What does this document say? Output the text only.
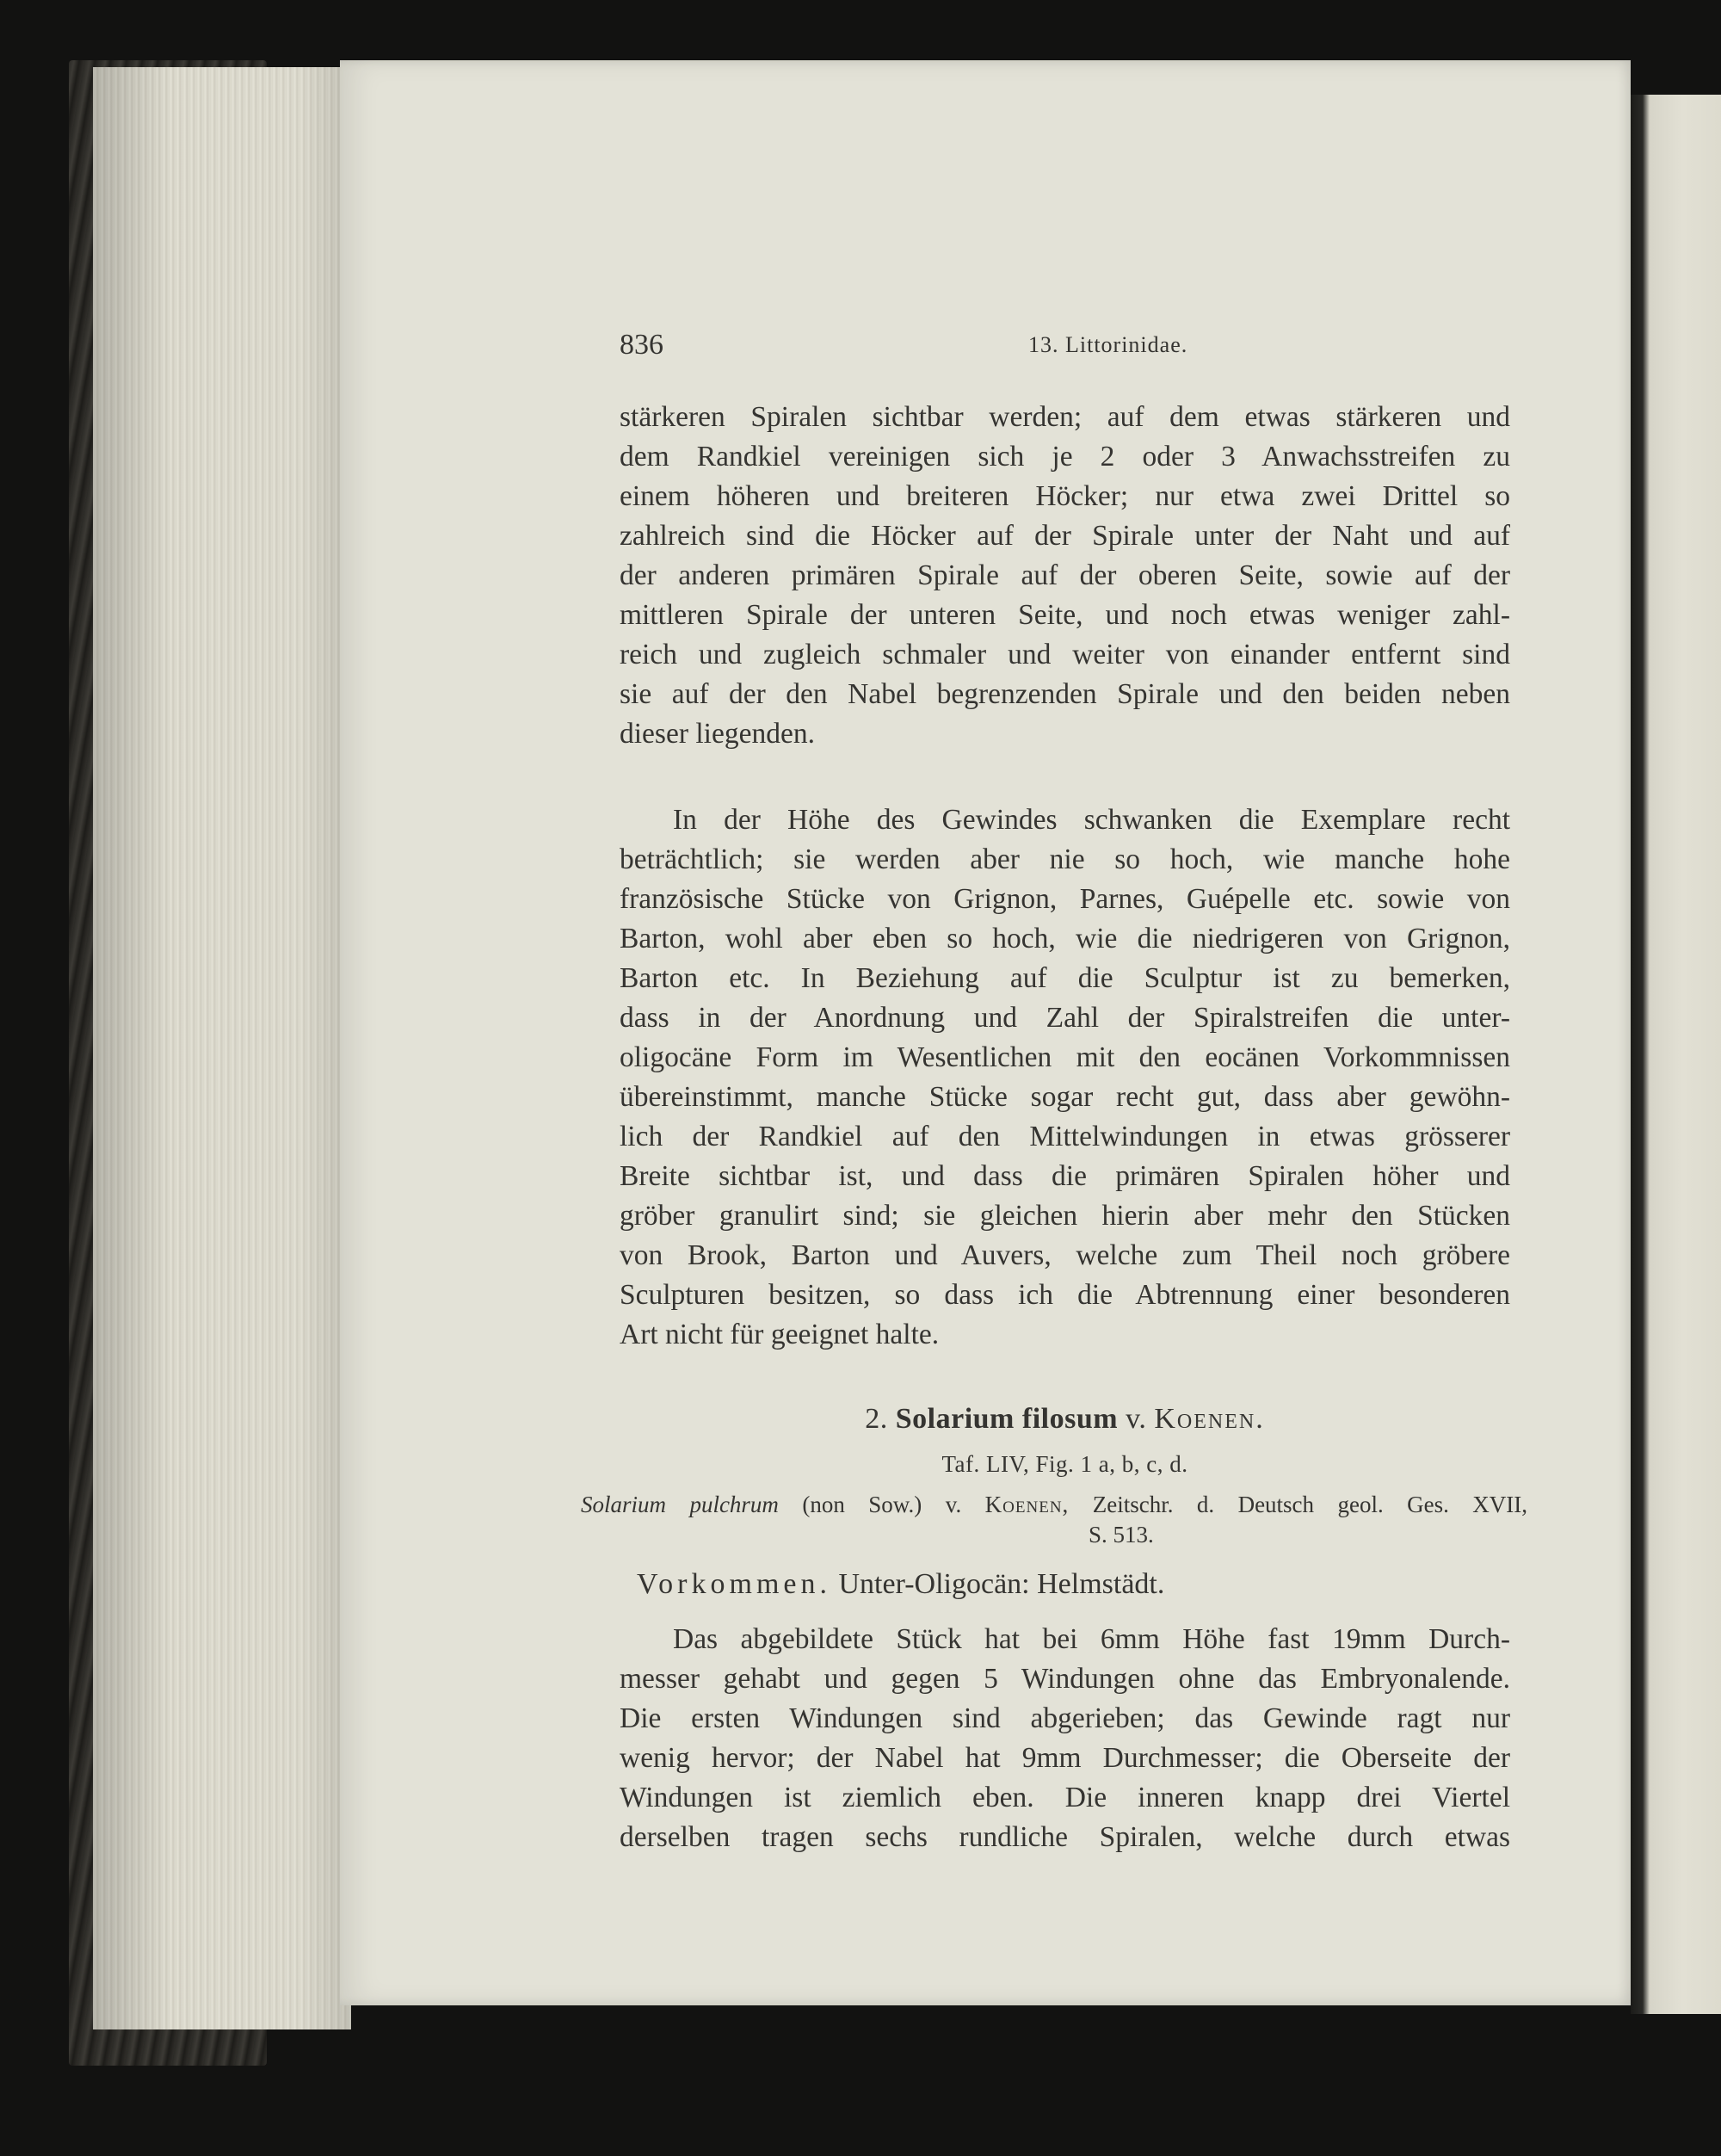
836	13. Littorinidae.
stärkeren Spiralen sichtbar werden; auf dem etwas stärkeren und
dem Randkiel vereinigen sich je 2 oder 3 Anwachsstreifen zu
einem höheren und breiteren Höcker; nur etwa zwei Drittel so
zahlreich sind die Höcker auf der Spirale unter der Naht und auf
der anderen primären Spirale auf der oberen Seite, sowie auf der
mittleren Spirale der unteren Seite, und noch etwas weniger zahl-
reich und zugleich schmaler und weiter von einander entfernt sind
sie auf der den Nabel begrenzenden Spirale und den beiden neben
dieser liegenden.
In der Höhe des Gewindes schwanken die Exemplare recht
beträchtlich; sie werden aber nie so hoch, wie manche hohe
französische Stücke von Grignon, Parnes, Guépelle etc. sowie von
Barton, wohl aber eben so hoch, wie die niedrigeren von Grignon,
Barton etc. In Beziehung auf die Sculptur ist zu bemerken,
dass in der Anordnung und Zahl der Spiralstreifen die unter-
oligocäne Form im Wesentlichen mit den eocänen Vorkommnissen
übereinstimmt, manche Stücke sogar recht gut, dass aber gewöhn-
lich der Randkiel auf den Mittelwindungen in etwas grösserer
Breite sichtbar ist, und dass die primären Spiralen höher und
gröber granulirt sind; sie gleichen hierin aber mehr den Stücken
von Brook, Barton und Auvers, welche zum Theil noch gröbere
Sculpturen besitzen, so dass ich die Abtrennung einer besonderen
Art nicht für geeignet halte.
2. Solarium filosum v. Koenen.
Taf. LIV, Fig. 1 a, b, c, d.
Solarium pulchrum (non Sow.) v. Koenen, Zeitschr. d. Deutsch geol. Ges. XVII,
S. 513.
Vorkommen. Unter-Oligocän: Helmstädt.
Das abgebildete Stück hat bei 6mm Höhe fast 19mm Durch-
messer gehabt und gegen 5 Windungen ohne das Embryonalende.
Die ersten Windungen sind abgerieben; das Gewinde ragt nur
wenig hervor; der Nabel hat 9mm Durchmesser; die Oberseite der
Windungen ist ziemlich eben. Die inneren knapp drei Viertel
derselben tragen sechs rundliche Spiralen, welche durch etwas
